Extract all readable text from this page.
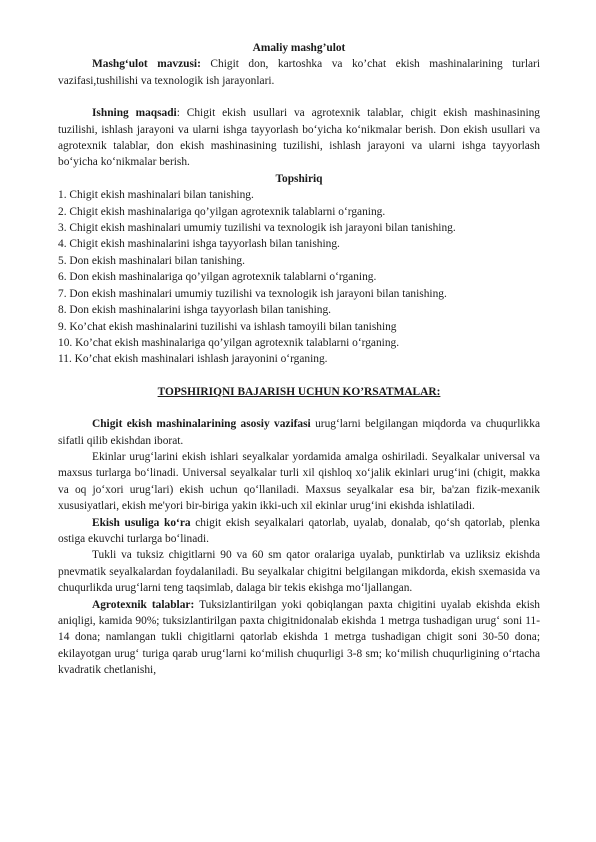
Amaliy mashg’ulot
Mashg‘ulot mavzusi: Chigit don, kartoshka va ko’chat ekish mashinalarining turlari vazifasi,tushilishi va texnologik ish jarayonlari.
Ishning maqsadi: Chigit ekish usullari va agrotexnik talablar, chigit ekish mashinasining tuzilishi, ishlash jarayoni va ularni ishga tayyorlash bo‘yicha ko‘nikmalar berish. Don ekish usullari va agrotexnik talablar, don ekish mashinasining tuzilishi, ishlash jarayoni va ularni ishga tayyorlash bo‘yicha ko‘nikmalar berish.
Topshiriq
1. Chigit ekish mashinalari bilan tanishing.
2. Chigit ekish mashinalariga qo’yilgan agrotexnik talablarni o‘rganing.
3. Chigit ekish mashinalari umumiy tuzilishi va texnologik ish jarayoni bilan tanishing.
4. Chigit ekish mashinalarini ishga tayyorlash bilan tanishing.
5. Don ekish mashinalari bilan tanishing.
6. Don ekish mashinalariga qo’yilgan agrotexnik talablarni o‘rganing.
7. Don ekish mashinalari umumiy tuzilishi va texnologik ish jarayoni bilan tanishing.
8. Don ekish mashinalarini ishga tayyorlash bilan tanishing.
9. Ko’chat ekish mashinalarini tuzilishi va ishlash tamoyili bilan tanishing
10. Ko’chat ekish mashinalariga qo’yilgan agrotexnik talablarni o‘rganing.
11. Ko’chat ekish mashinalari ishlash jarayonini o‘rganing.
TOPSHIRIQNI BAJARISH UCHUN KO’RSATMALAR:
Chigit ekish mashinalarining asosiy vazifasi urug‘larni belgilangan miqdorda va chuqurlikka sifatli qilib ekishdan iborat.
Ekinlar urug‘larini ekish ishlari seyalkalar yordamida amalga oshiriladi. Seyalkalar universal va maxsus turlarga bo‘linadi. Universal seyalkalar turli xil qishloq xo‘jalik ekinlari urug‘ini (chigit, makka va oq jo‘xori urug‘lari) ekish uchun qo‘llaniladi. Maxsus seyalkalar esa bir, ba'zan fizik-mexanik xususiyatlari, ekish me'yori bir-biriga yakin ikki-uch xil ekinlar urug‘ini ekishda ishlatiladi.
Ekish usuliga ko‘ra chigit ekish seyalkalari qatorlab, uyalab, donalab, qo‘sh qatorlab, plenka ostiga ekuvchi turlarga bo‘linadi.
Tukli va tuksiz chigitlarni 90 va 60 sm qator oralariga uyalab, punktirlab va uzliksiz ekishda pnevmatik seyalkalardan foydalaniladi. Bu seyalkalar chigitni belgilangan mikdorda, ekish sxemasida va chuqurlikda urug‘larni teng taqsimlab, dalaga bir tekis ekishga mo‘ljallangan.
Agrotexnik talablar: Tuksizlantirilgan yoki qobiqlangan paxta chigitini uyalab ekishda ekish aniqligi, kamida 90%; tuksizlantirilgan paxta chigitnidonalab ekishda 1 metrga tushadigan urug‘ soni 11-14 dona; namlangan tukli chigitlarni qatorlab ekishda 1 metrga tushadigan chigit soni 30-50 dona; ekilayotgan urug‘ turiga qarab urug‘larni ko‘milish chuqurligi 3-8 sm; ko‘milish chuqurligining o‘rtacha kvadratik chetlanishi,
